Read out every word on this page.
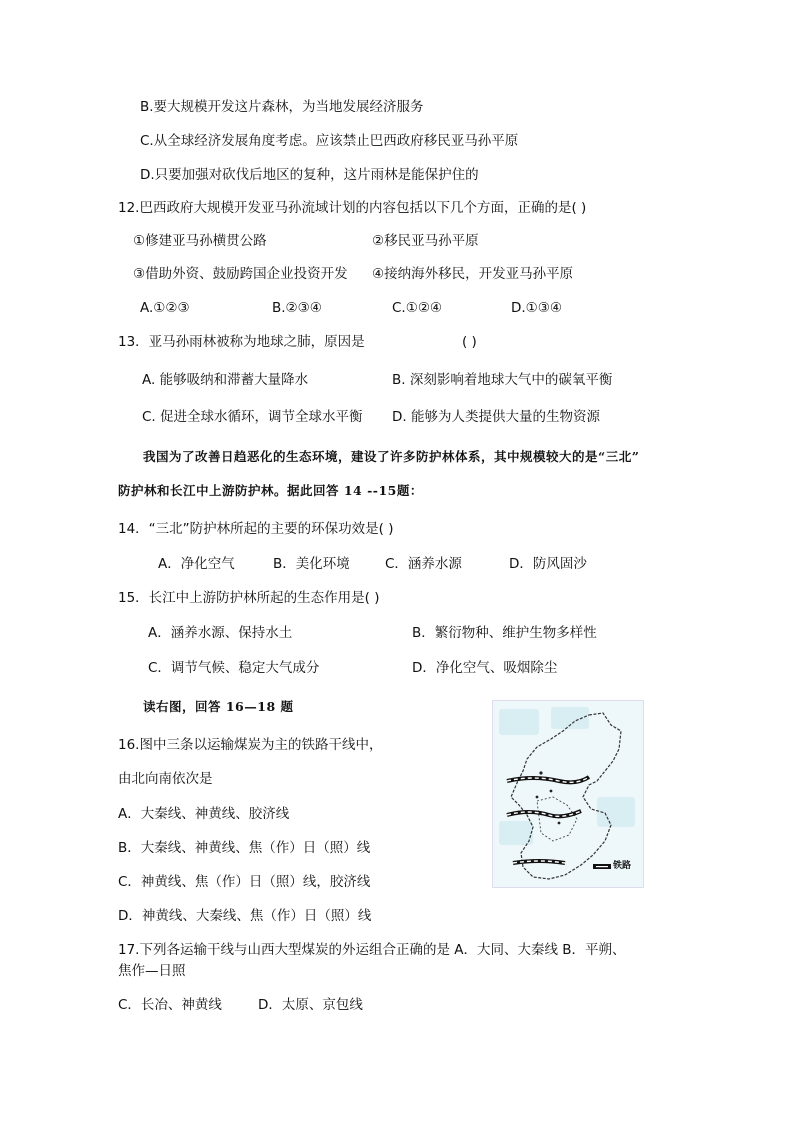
B.要大规模开发这片森林，为当地发展经济服务
C.从全球经济发展角度考虑。应该禁止巴西政府移民亚马孙平原
D.只要加强对砍伐后地区的复种，这片雨林是能保护住的
12.巴西政府大规模开发亚马孙流域计划的内容包括以下几个方面，正确的是( )
①修建亚马孙横贯公路	②移民亚马孙平原
③借助外资、鼓励跨国企业投资开发 ④接纳海外移民，开发亚马孙平原
A.①②③	B.②③④	C.①②④	D.①③④
13．亚马孙雨林被称为地球之肺，原因是	( )
A. 能够吸纳和滞蓄大量降水	B. 深刻影响着地球大气中的碳氧平衡
C. 促进全球水循环，调节全球水平衡 D. 能够为人类提供大量的生物资源
我国为了改善日趋恶化的生态环境，建设了许多防护林体系，其中规模较大的是“三北”
防护林和长江中上游防护林。据此回答 14 --15题：
14．“三北”防护林所起的主要的环保功效是( )
A．净化空气	B．美化环境	C．涵养水源	D．防风固沙
15．长江中上游防护林所起的生态作用是( )
A．涵养水源、保持水土	B．繁衍物种、维护生物多样性
C．调节气候、稳定大气成分	D．净化空气、吸烟除尘
读右图，回答 16—18 题
铁路
16.图中三条以运输煤炭为主的铁路干线中，
由北向南依次是
A．大秦线、神黄线、胶济线
B．大秦线、神黄线、焦（作）日（照）线
C．神黄线、焦（作）日（照）线，胶济线
D．神黄线、大秦线、焦（作）日（照）线
17.下列各运输干线与山西大型煤炭的外运组合正确的是 A．大同、大秦线 B．平朔、
焦作—日照
C．长冶、神黄线	D．太原、京包线
